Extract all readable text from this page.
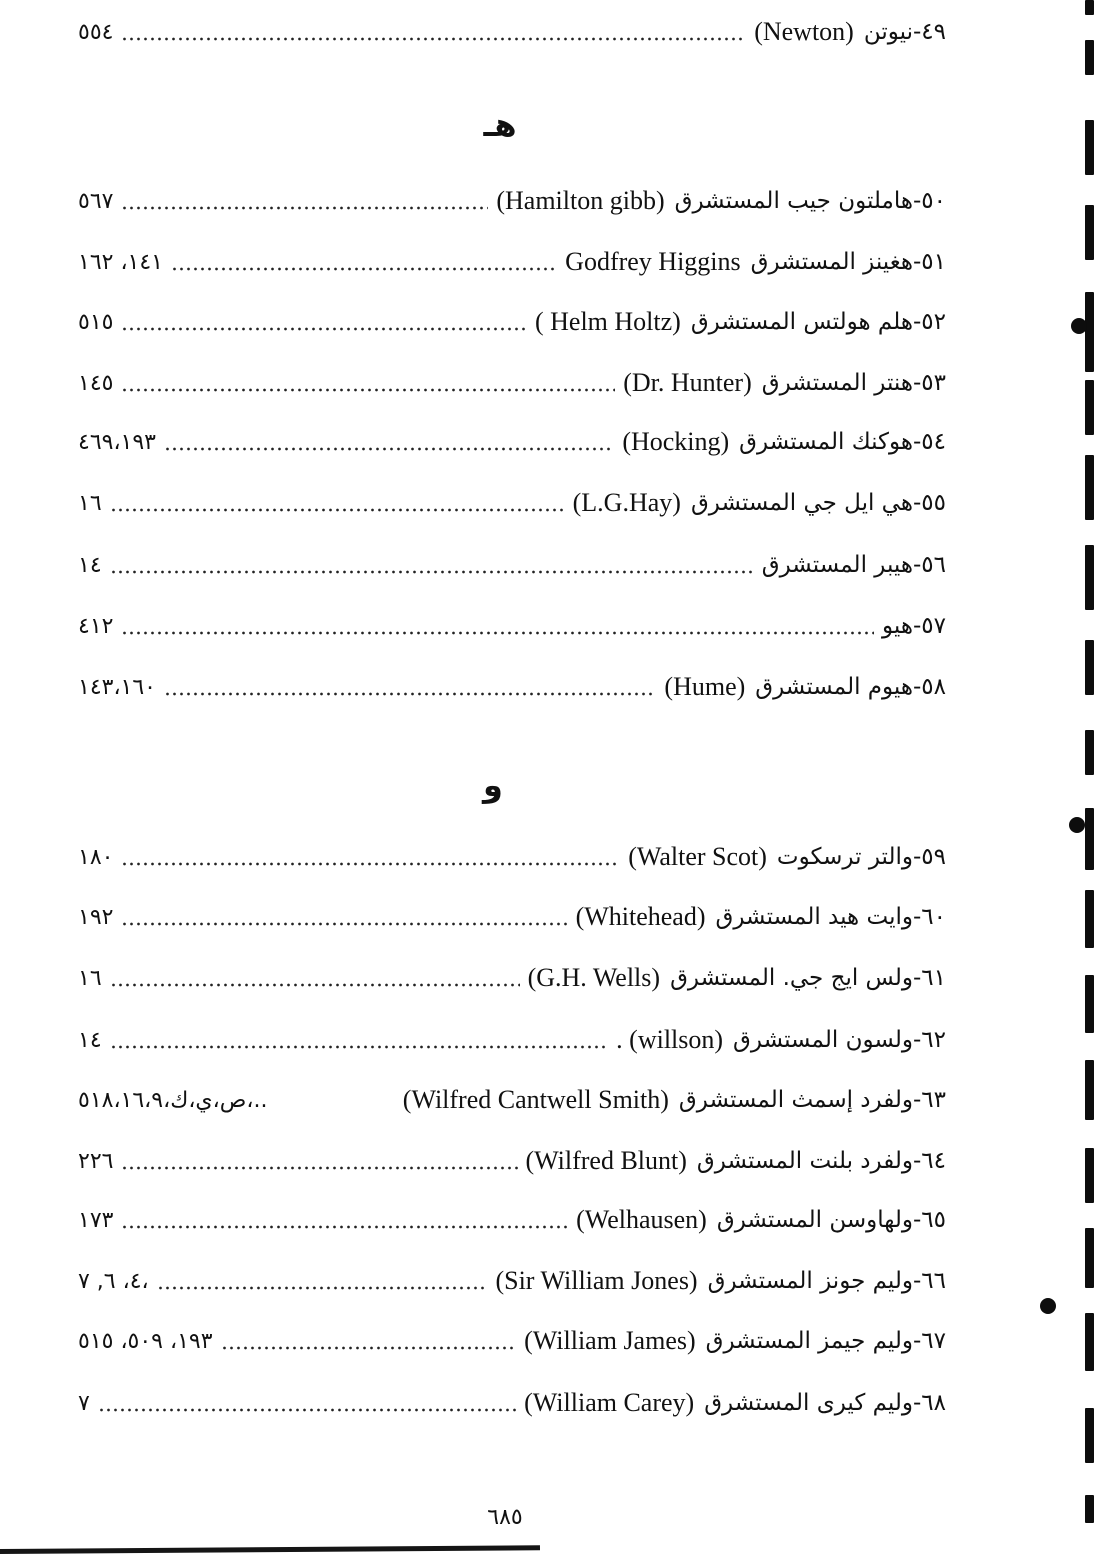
٥٥٤	(Newton) ٤٩-نيوتن
هـ
٥٦٧	(Hamilton gibb) ٥٠-هاملتون جيب المستشرق
١٦٢ ،١٤١	Godfrey Higgins ٥١-هغينز المستشرق
٥١٥	( Helm Holtz) ٥٢-هلم هولتس المستشرق
١٤٥	(Dr. Hunter) ٥٣-هنتر المستشرق
٤٦٩،١٩٣	(Hocking) ٥٤-هوكنك المستشرق
١٦	(L.G.Hay) ٥٥-هي ايل جي المستشرق
١٤	٥٦-هيبر المستشرق
٤١٢	٥٧-هيو
١٤٣،١٦٠	(Hume) ٥٨-هيوم المستشرق
و
١٨٠	(Walter Scot) ٥٩-والتر ترسكوت
١٩٢	(Whitehead) ٦٠-وايت هيد المستشرق
١٦	(G.H. Wells) ٦١-ولس ايج جي. المستشرق
١٤	. (willson) ٦٢-ولسون المستشرق
٥١٨،١٦،٩،ك،ي،ص،..	(Wilfred Cantwell Smith) ٦٣-ولفرد إسمث المستشرق
٢٢٦	(Wilfred Blunt) ٦٤-ولفرد بلنت المستشرق
١٧٣	(Welhausen) ٦٥-ولهاوسن المستشرق
٧ ,٦ ،٤،	(Sir William Jones) ٦٦-وليم جونز المستشرق
٥١٥ ،٥٠٩ ،١٩٣	(William James) ٦٧-وليم جيمز المستشرق
٧	(William Carey) ٦٨-وليم كيرى المستشرق
٦٨٥
